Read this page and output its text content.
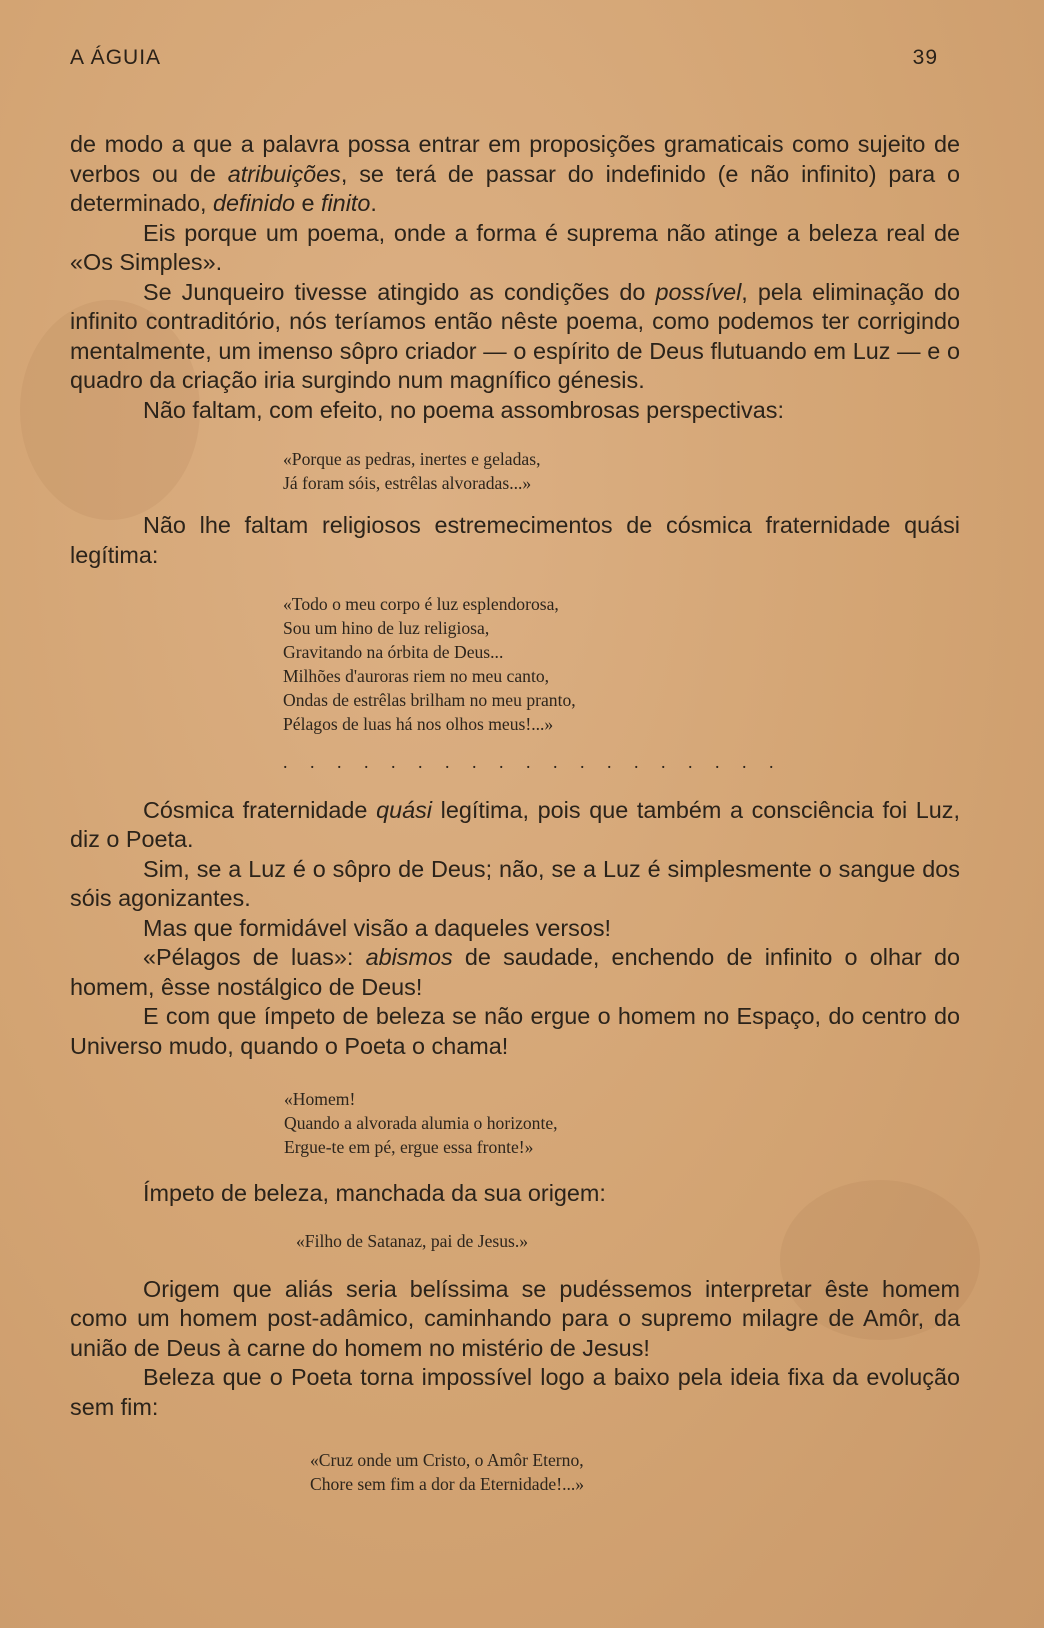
A ÁGUIA	39

de modo a que a palavra possa entrar em proposições gramaticais como sujeito de verbos ou de atribuições, se terá de passar do indefinido (e não infinito) para o determinado, definido e finito.

Eis porque um poema, onde a forma é suprema não atinge a beleza real de «Os Simples».

Se Junqueiro tivesse atingido as condições do possível, pela eliminação do infinito contraditório, nós teríamos então nêste poema, como podemos ter corrigindo mentalmente, um imenso sôpro criador — o espírito de Deus flutuando em Luz — e o quadro da criação iria surgindo num magnífico génesis.

Não faltam, com efeito, no poema assombrosas perspectivas:

«Porque as pedras, inertes e geladas,
Já foram sóis, estrêlas alvoradas...»

Não lhe faltam religiosos estremecimentos de cósmica fraternidade quási legítima:

«Todo o meu corpo é luz esplendorosa,
Sou um hino de luz religiosa,
Gravitando na órbita de Deus...
Milhões d'auroras riem no meu canto,
Ondas de estrêlas brilham no meu pranto,
Pélagos de luas há nos olhos meus!...»
. . . . . . . . . . . . . . . . . . .

Cósmica fraternidade quási legítima, pois que também a consciência foi Luz, diz o Poeta.

Sim, se a Luz é o sôpro de Deus; não, se a Luz é simplesmente o sangue dos sóis agonizantes.

Mas que formidável visão a daqueles versos!

«Pélagos de luas»: abismos de saudade, enchendo de infinito o olhar do homem, êsse nostálgico de Deus!

E com que ímpeto de beleza se não ergue o homem no Espaço, do centro do Universo mudo, quando o Poeta o chama!

«Homem!
Quando a alvorada alumia o horizonte,
Ergue-te em pé, ergue essa fronte!»

Ímpeto de beleza, manchada da sua origem:

«Filho de Satanaz, pai de Jesus.»

Origem que aliás seria belíssima se pudéssemos interpretar êste homem como um homem post-adâmico, caminhando para o supremo milagre de Amôr, da união de Deus à carne do homem no mistério de Jesus!

Beleza que o Poeta torna impossível logo a baixo pela ideia fixa da evolução sem fim:

«Cruz onde um Cristo, o Amôr Eterno,
Chore sem fim a dor da Eternidade!...»
